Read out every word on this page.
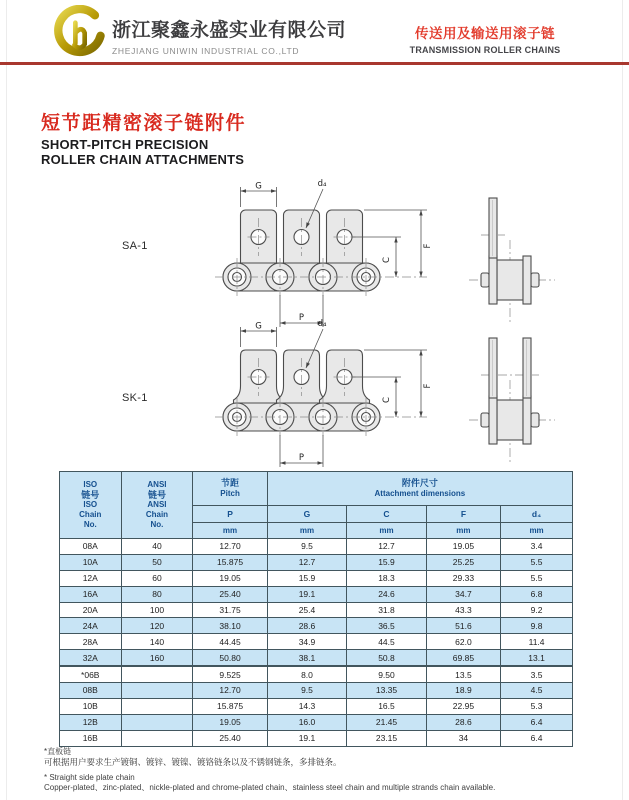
浙江聚鑫永盛实业有限公司
ZHEJIANG UNIWIN INDUSTRIAL CO.,LTD
传送用及输送用滚子链
TRANSMISSION ROLLER CHAINS
短节距精密滚子链附件
SHORT-PITCH PRECISION
ROLLER CHAIN ATTACHMENTS
SA-1
G	d₄
C
F
P
SK-1
G	d₄
C
F
P
ISO
链号
ISO
Chain
No.	ANSI
链号
ANSI
Chain
No.	节距
Pitch	附件尺寸
Attachment dimensions			

		P	G	C	F	d₄
		mm	mm	mm	mm	mm
08A	40	12.70	9.5	12.7	19.05	3.4
10A	50	15.875	12.7	15.9	25.25	5.5
12A	60	19.05	15.9	18.3	29.33	5.5
16A	80	25.40	19.1	24.6	34.7	6.8
20A	100	31.75	25.4	31.8	43.3	9.2
24A	120	38.10	28.6	36.5	51.6	9.8
28A	140	44.45	34.9	44.5	62.0	11.4
32A	160	50.80	38.1	50.8	69.85	13.1
*06B		9.525	8.0	9.50	13.5	3.5
08B		12.70	9.5	13.35	18.9	4.5
10B		15.875	14.3	16.5	22.95	5.3
12B		19.05	16.0	21.45	28.6	6.4
16B		25.40	19.1	23.15	34	6.4
*直板链
可根据用户要求生产镀铜、镀锌、镀镍、镀铬链条以及不锈钢链条，多排链条。
* Straight side plate chain
Copper-plated、zinc-plated、nickle-plated and chrome-plated chain、stainless steel chain and multiple strands chain available.
